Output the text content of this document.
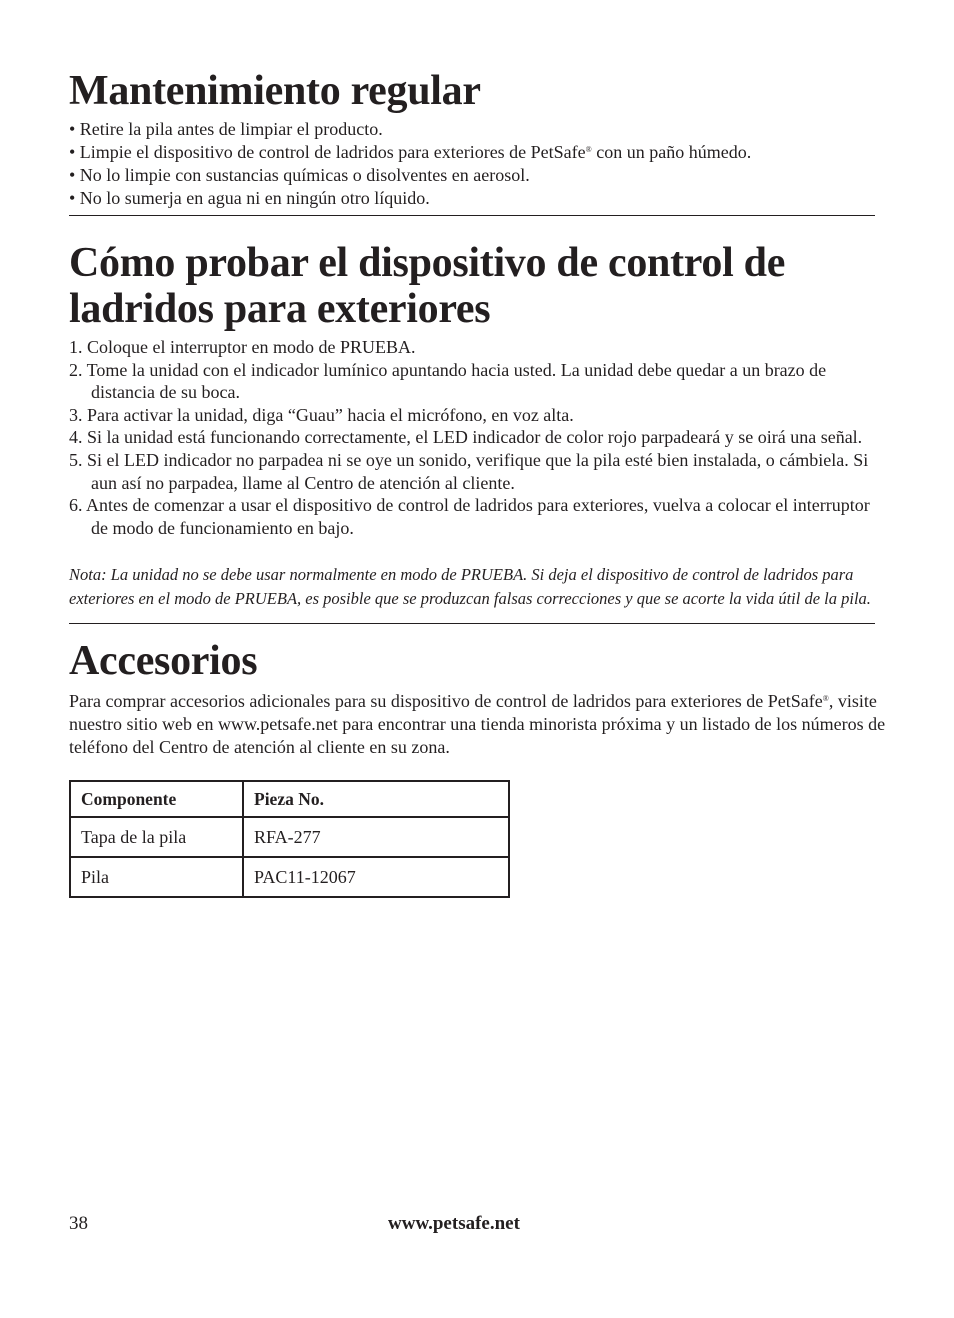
Mantenimiento regular
• Retire la pila antes de limpiar el producto.
• Limpie el dispositivo de control de ladridos para exteriores de PetSafe® con un paño húmedo.
• No lo limpie con sustancias químicas o disolventes en aerosol.
• No lo sumerja en agua ni en ningún otro líquido.
Cómo probar el dispositivo de control de
ladridos para exteriores
1. Coloque el interruptor en modo de PRUEBA.
2. Tome la unidad con el indicador lumínico apuntando hacia usted. La unidad debe quedar a un brazo de distancia de su boca.
3. Para activar la unidad, diga “Guau” hacia el micrófono, en voz alta.
4. Si la unidad está funcionando correctamente, el LED indicador de color rojo parpadeará y se oirá una señal.
5. Si el LED indicador no parpadea ni se oye un sonido, verifique que la pila esté bien instalada, o cámbiela. Si aun así no parpadea, llame al Centro de atención al cliente.
6. Antes de comenzar a usar el dispositivo de control de ladridos para exteriores, vuelva a colocar el interruptor de modo de funcionamiento en bajo.

Nota: La unidad no se debe usar normalmente en modo de PRUEBA. Si deja el dispositivo de control de ladridos para exteriores en el modo de PRUEBA, es posible que se produzcan falsas correcciones y que se acorte la vida útil de la pila.

Accesorios

Para comprar accesorios adicionales para su dispositivo de control de ladridos para exteriores de PetSafe®, visite nuestro sitio web en www.petsafe.net para encontrar una tienda minorista próxima y un listado de los números de teléfono del Centro de atención al cliente en su zona.

Componente	Pieza No.
Tapa de la pila	RFA-277
Pila	PAC11-12067
38	www.petsafe.net
